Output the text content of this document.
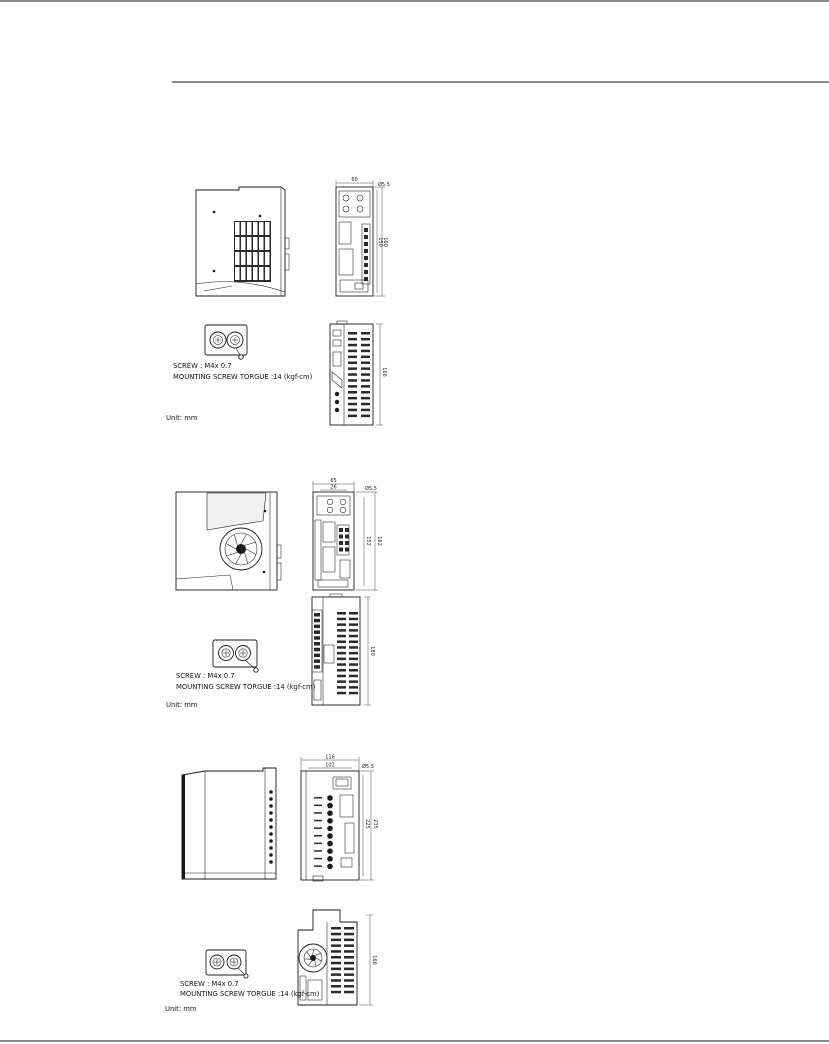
60
Ø5.5
150 160
SCREW : M4x 0.7
MOUNTING SCREW TORGUE :14 (kgf-cm)
Unit: mm
166
65
26	Ø5.5
152 162
180
SCREW : M4x 0.7
MOUNTING SCREW TORGUE :14 (kgf-cm)
Unit: mm
116
102	Ø5.5
225 235
166
SCREW : M4x 0.7
MOUNTING SCREW TORGUE :14 (kgf-cm)
Unit: mm
